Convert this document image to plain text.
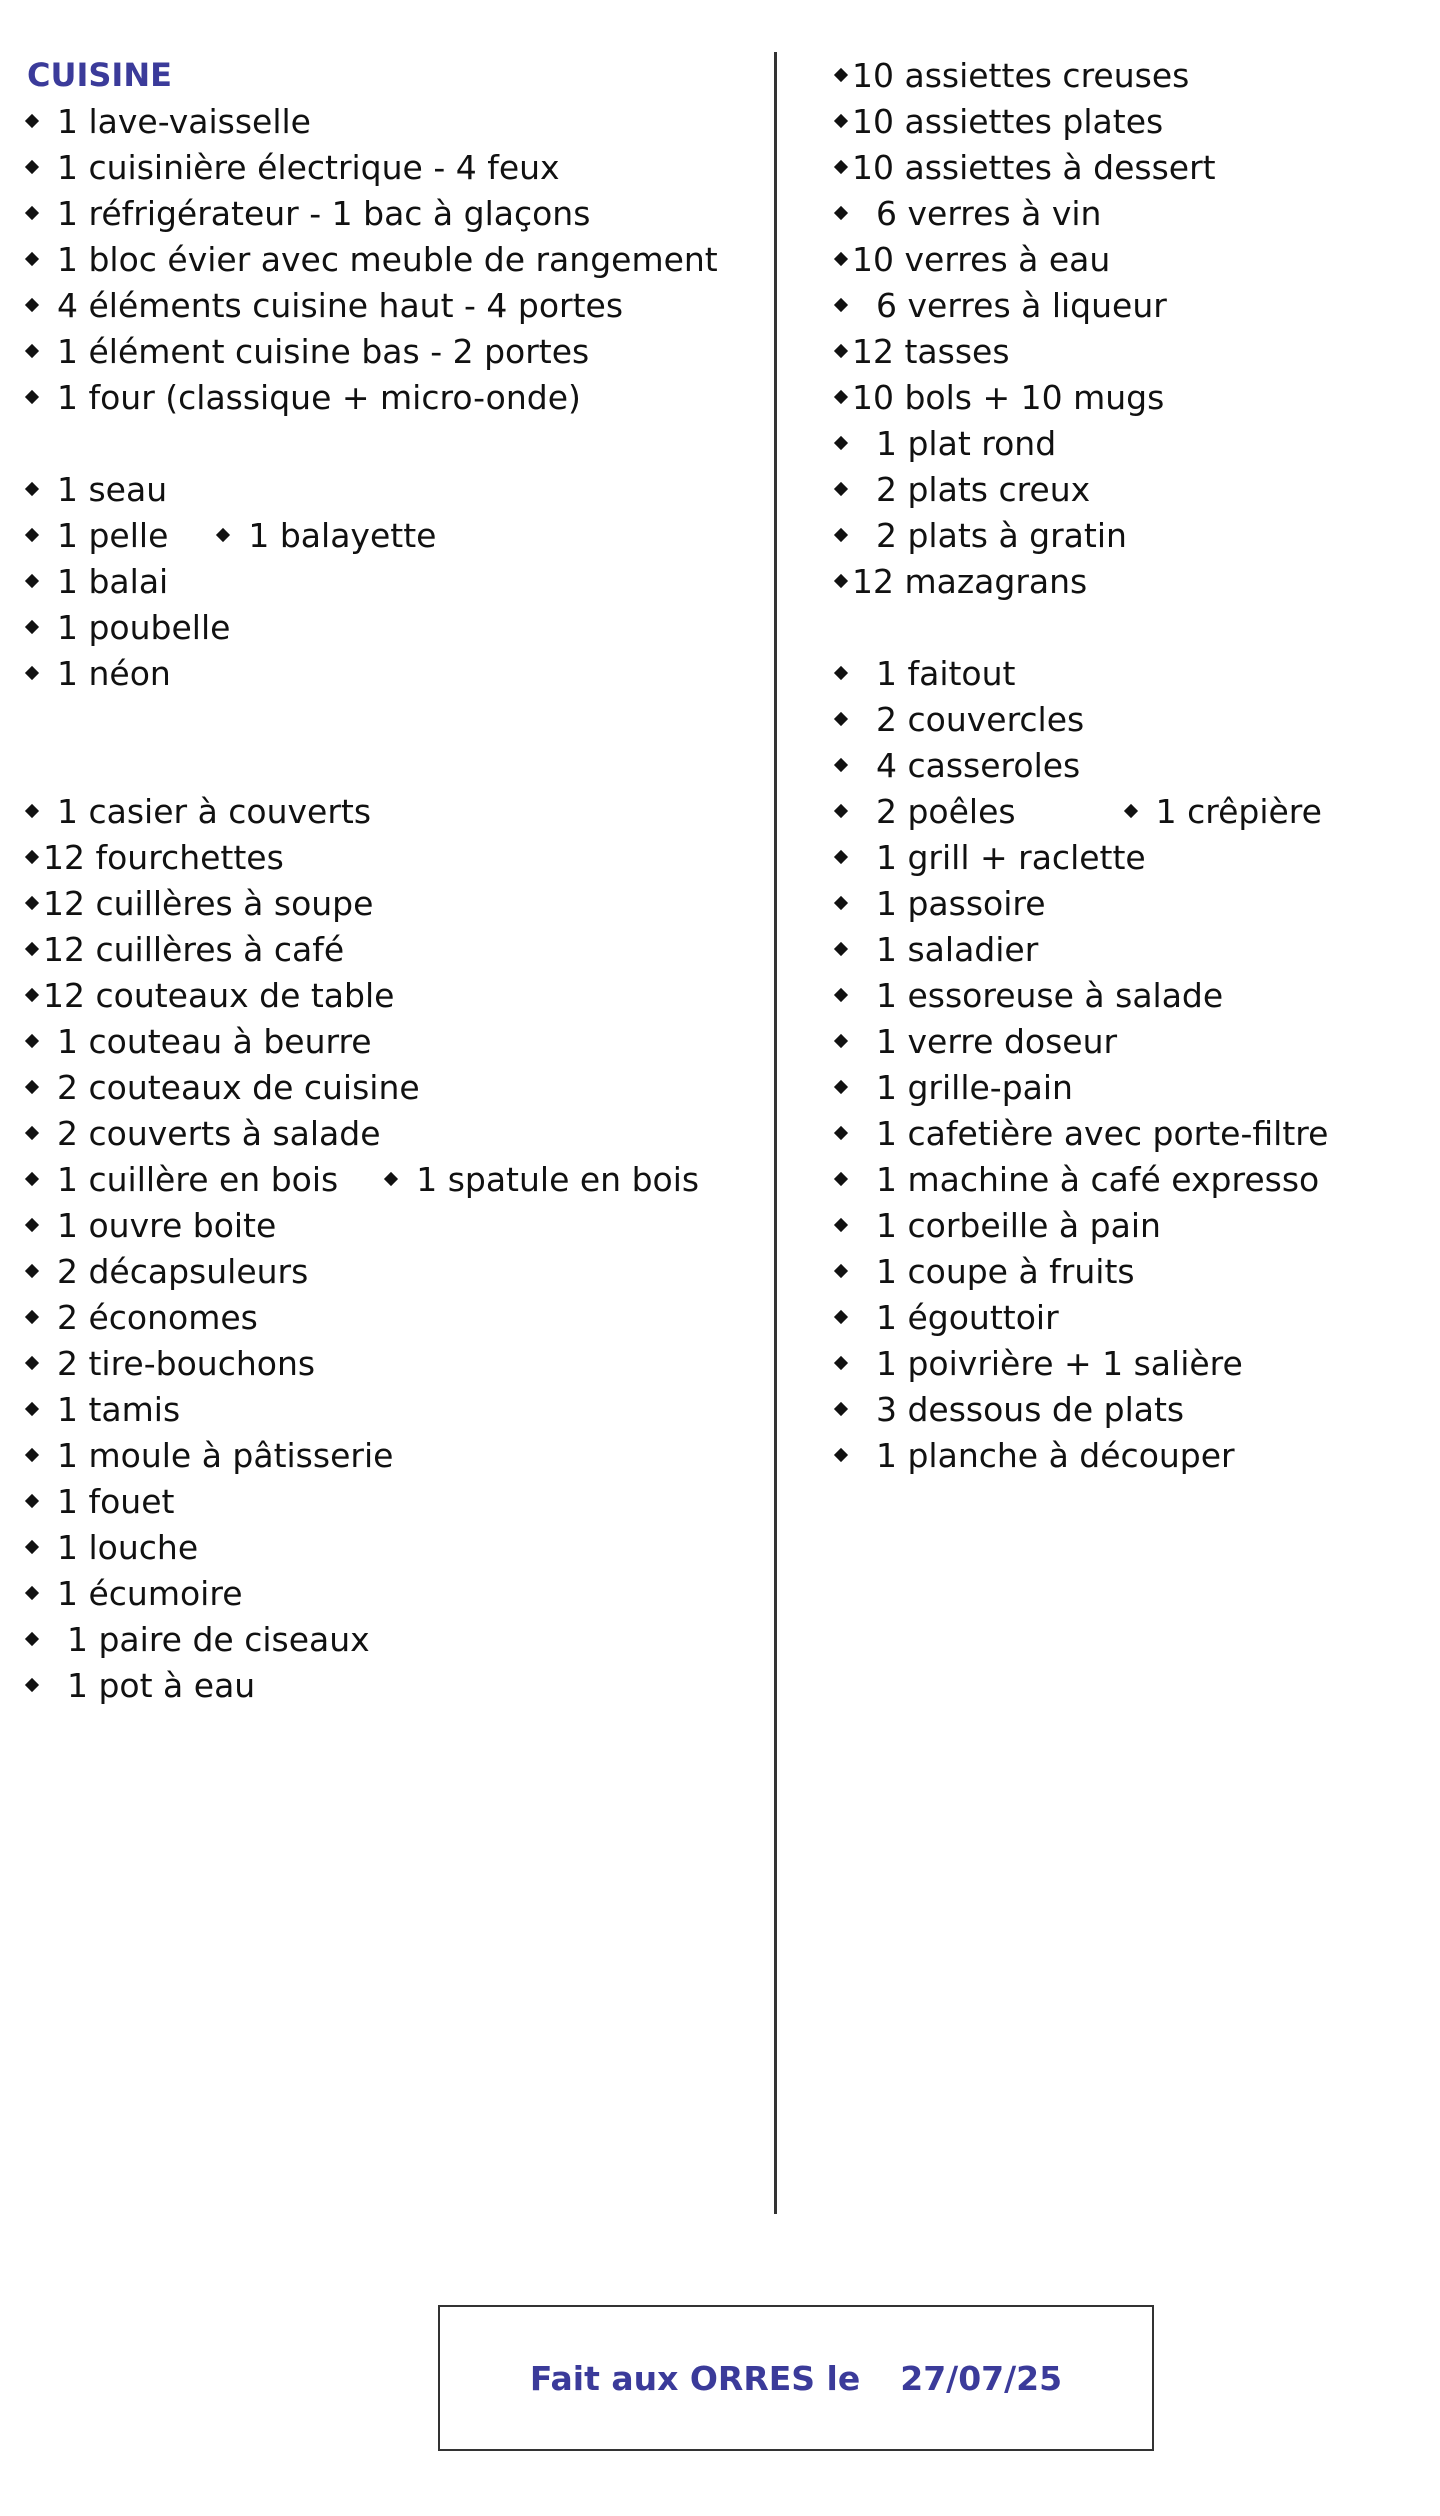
CUISINE
1 lave-vaisselle
1 cuisinière électrique - 4 feux
1 réfrigérateur - 1 bac à glaçons
1 bloc évier avec meuble de rangement
4 éléments cuisine haut - 4 portes
1 élément cuisine bas - 2 portes
1 four (classique + micro-onde)
1 seau
1 pelle 1 balayette
1 balai
1 poubelle
1 néon
1 casier à couverts
12 fourchettes
12 cuillères à soupe
12 cuillères à café
12 couteaux de table
1 couteau à beurre
2 couteaux de cuisine
2 couverts à salade
1 cuillère en bois 1 spatule en bois
1 ouvre boite
2 décapsuleurs
2 économes
2 tire-bouchons
1 tamis
1 moule à pâtisserie
1 fouet
1 louche
1 écumoire
1 paire de ciseaux
1 pot à eau
10 assiettes creuses
10 assiettes plates
10 assiettes à dessert
6 verres à vin
10 verres à eau
6 verres à liqueur
12 tasses
10 bols + 10 mugs
1 plat rond
2 plats creux
2 plats à gratin
12 mazagrans
1 faitout
2 couvercles
4 casseroles
2 poêles	1 crêpière
1 grill + raclette
1 passoire
1 saladier
1 essoreuse à salade
1 verre doseur
1 grille-pain
1 cafetière avec porte-filtre
1 machine à café expresso
1 corbeille à pain
1 coupe à fruits
1 égouttoir
1 poivrière + 1 salière
3 dessous de plats
1 planche à découper
Fait aux ORRES le 27/07/25
